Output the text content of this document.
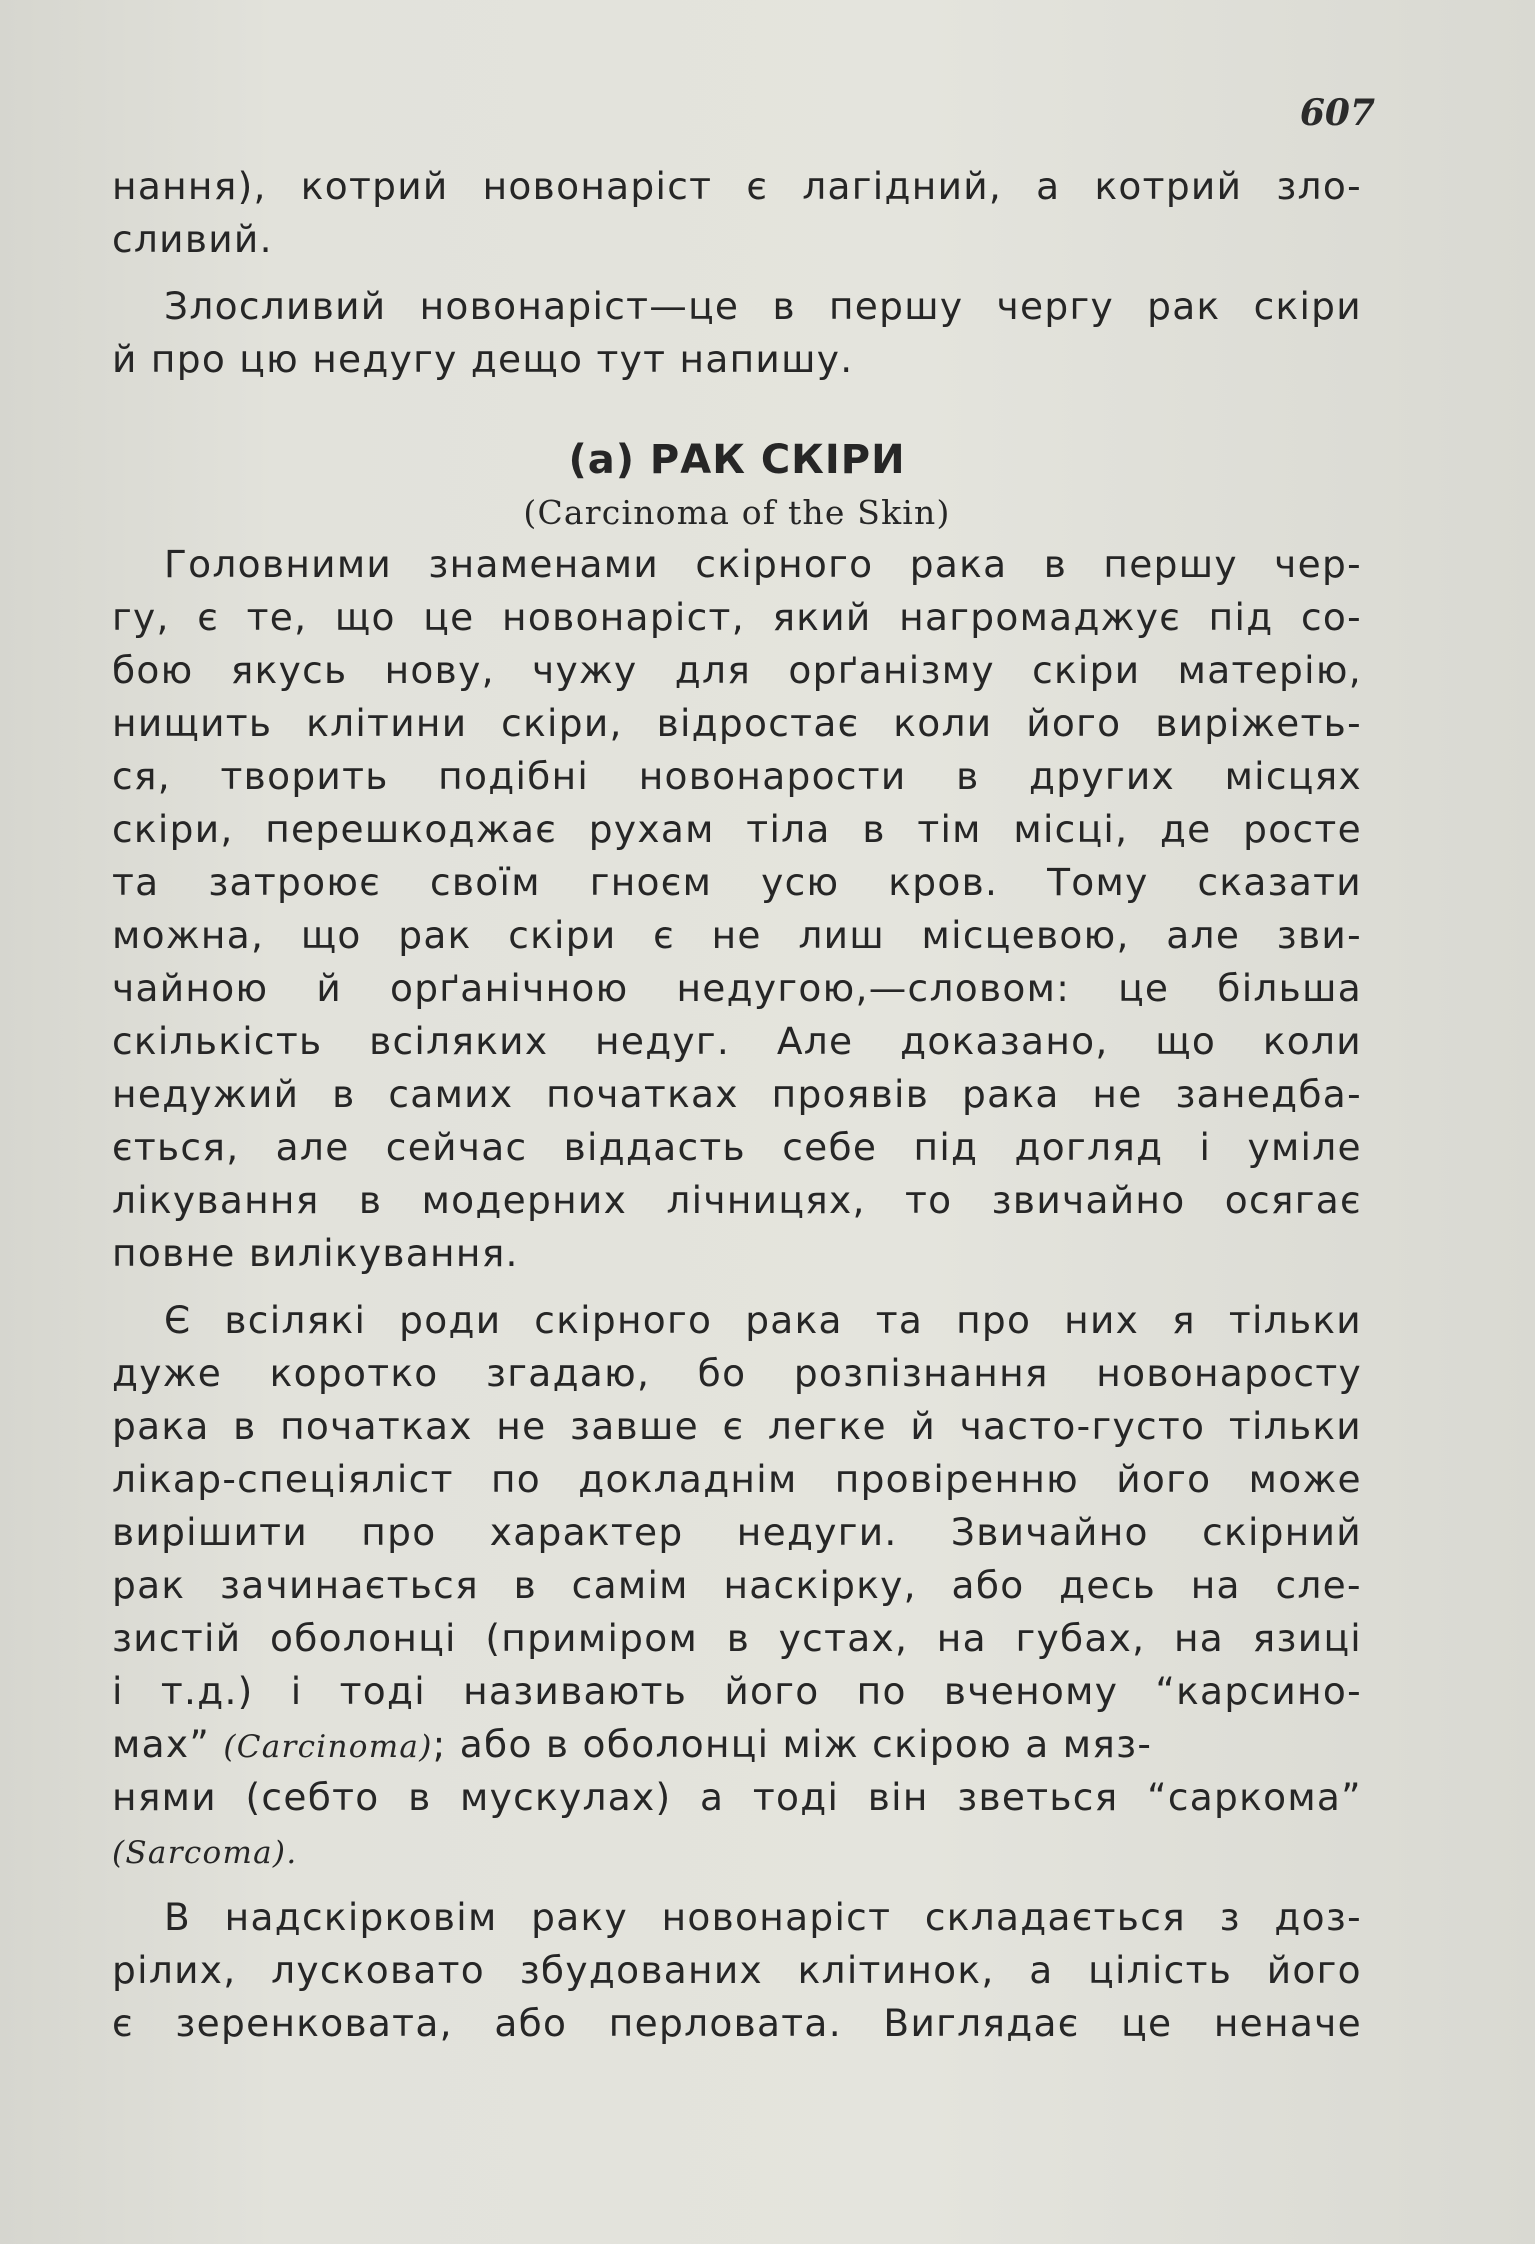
607
нання), котрий новонаріст є лагідний, а котрий зло-
сливий.
Злосливий новонаріст—це в першу чергу рак скіри
й про цю недугу дещо тут напишу.
(а) РАК СКІРИ
(Carcinoma of the Skin)
Головними знаменами скірного рака в першу чер-
гу, є те, що це новонаріст, який нагромаджує під со-
бою якусь нову, чужу для орґанізму скіри матерію,
нищить клітини скіри, відростає коли його виріжеть-
ся, творить подібні новонарости в других місцях
скіри, перешкоджає рухам тіла в тім місці, де росте
та затроює своїм гноєм усю кров. Тому сказати
можна, що рак скіри є не лиш місцевою, але зви-
чайною й орґанічною недугою,—словом: це більша
скількість всіляких недуг. Але доказано, що коли
недужий в самих початках проявів рака не занедба-
ється, але сейчас віддасть себе під догляд і уміле
лікування в модерних лічницях, то звичайно осягає
повне вилікування.
Є всілякі роди скірного рака та про них я тільки
дуже коротко згадаю, бо розпізнання новонаросту
рака в початках не завше є легке й часто-густо тільки
лікар-спеціяліст по докладнім провіренню його може
вирішити про характер недуги. Звичайно скірний
рак зачинається в самім наскірку, або десь на сле-
зистій оболонці (приміром в устах, на губах, на язиці
і т.д.) і тоді називають його по вченому “карсино-
мах” (Carcinoma); або в оболонці між скірою а мяз-
нями (себто в мускулах) а тоді він зветься “саркома”
(Sarcoma).
В надскірковім раку новонаріст складається з доз-
рілих, лусковато збудованих клітинок, а цілість його
є зеренковата, або перловата. Виглядає це неначе
